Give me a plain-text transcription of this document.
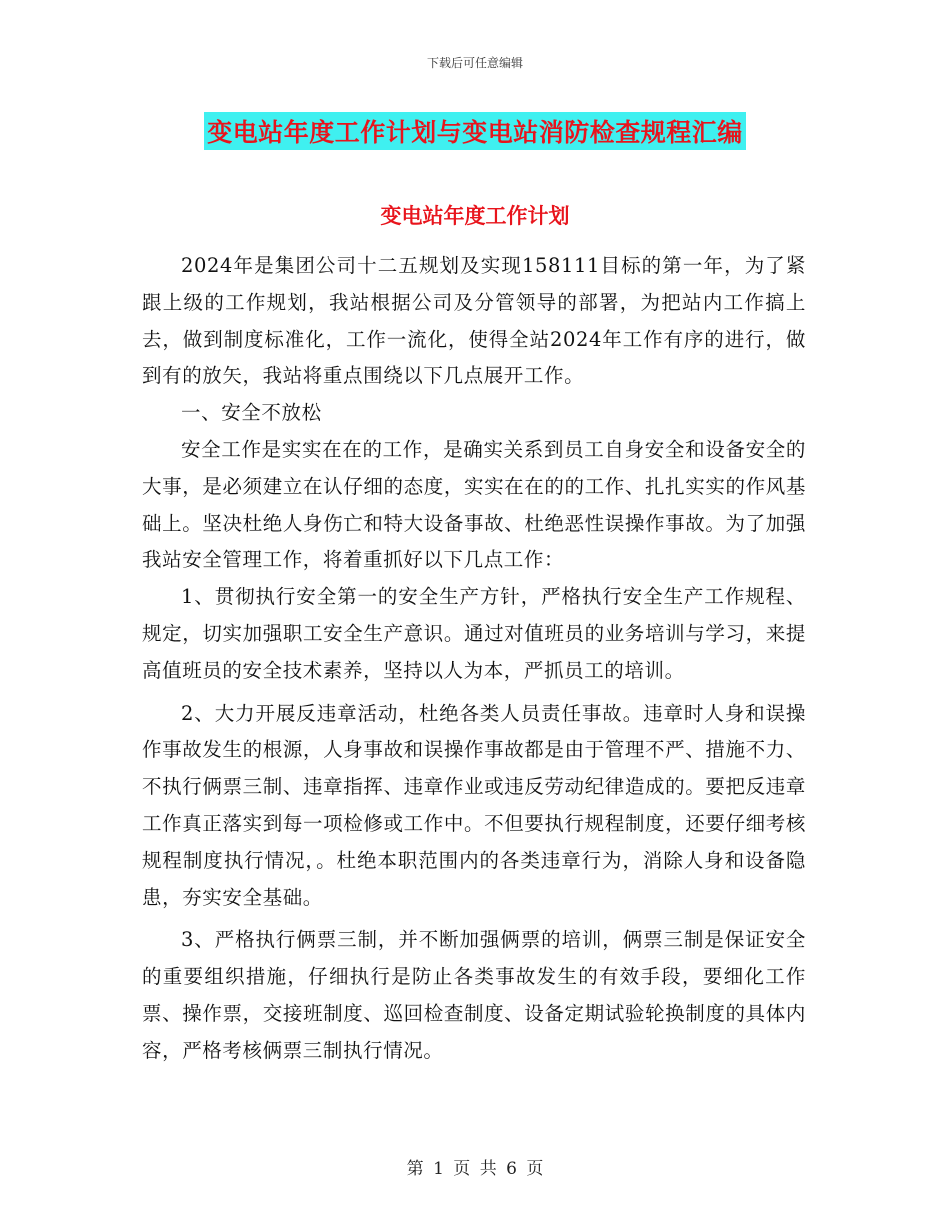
下载后可任意编辑
变电站年度工作计划与变电站消防检查规程汇编
变电站年度工作计划

2024年是集团公司十二五规划及实现158111目标的第一年，为了紧跟上级的工作规划，我站根据公司及分管领导的部署，为把站内工作搞上去，做到制度标准化，工作一流化，使得全站2024年工作有序的进行，做到有的放矢，我站将重点围绕以下几点展开工作。

一、安全不放松

安全工作是实实在在的工作，是确实关系到员工自身安全和设备安全的大事，是必须建立在认仔细的态度，实实在在的的工作、扎扎实实的作风基础上。坚决杜绝人身伤亡和特大设备事故、杜绝恶性误操作事故。为了加强我站安全管理工作，将着重抓好以下几点工作：

1、贯彻执行安全第一的安全生产方针，严格执行安全生产工作规程、规定，切实加强职工安全生产意识。通过对值班员的业务培训与学习，来提高值班员的安全技术素养，坚持以人为本，严抓员工的培训。

2、大力开展反违章活动，杜绝各类人员责任事故。违章时人身和误操作事故发生的根源，人身事故和误操作事故都是由于管理不严、措施不力、不执行俩票三制、违章指挥、违章作业或违反劳动纪律造成的。要把反违章工作真正落实到每一项检修或工作中。不但要执行规程制度，还要仔细考核规程制度执行情况，。杜绝本职范围内的各类违章行为，消除人身和设备隐患，夯实安全基础。

3、严格执行俩票三制，并不断加强俩票的培训，俩票三制是保证安全的重要组织措施，仔细执行是防止各类事故发生的有效手段，要细化工作票、操作票，交接班制度、巡回检查制度、设备定期试验轮换制度的具体内容，严格考核俩票三制执行情况。

第 1 页 共 6 页
